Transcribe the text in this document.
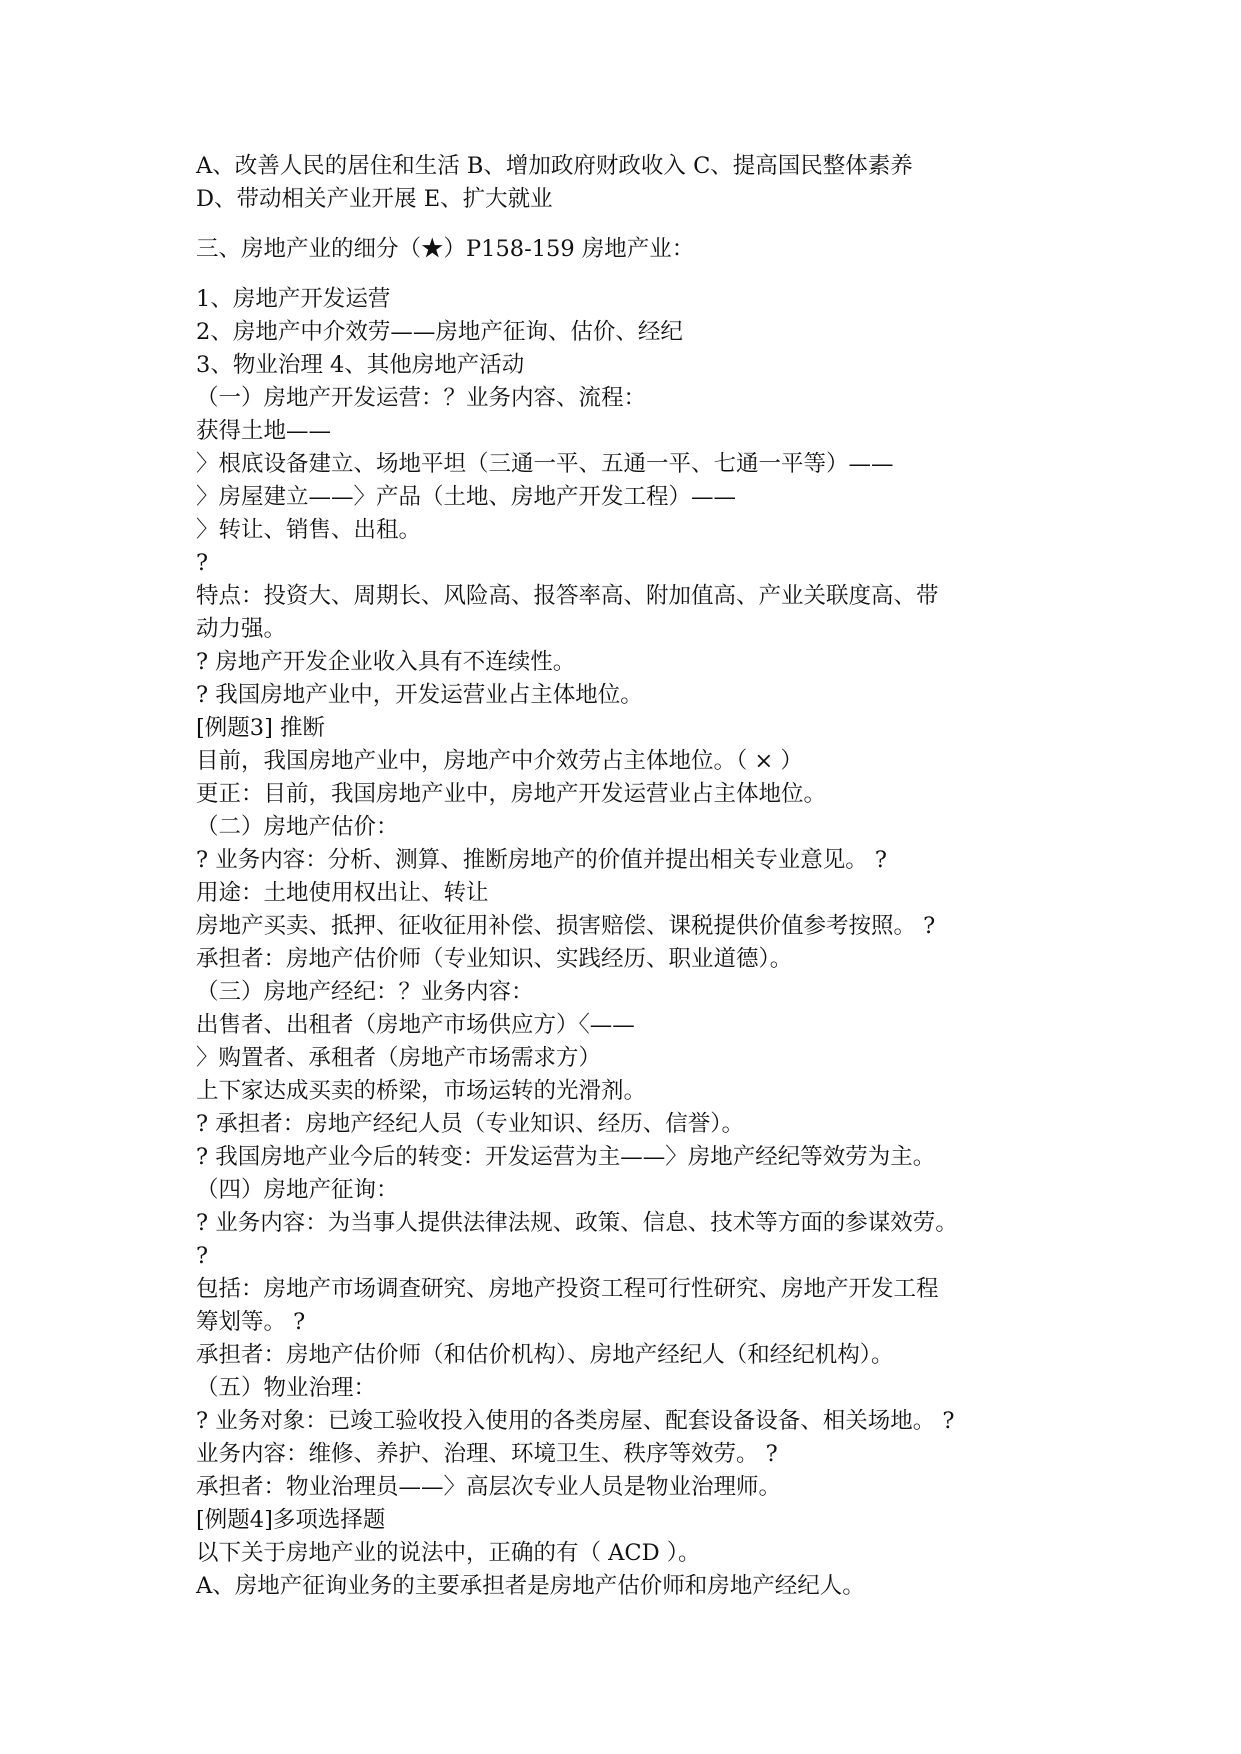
A、改善人民的居住和生活 B、增加政府财政收入 C、提高国民整体素养
D、带动相关产业开展 E、扩大就业
三、房地产业的细分（★）P158-159 房地产业：
1、房地产开发运营
2、房地产中介效劳——房地产征询、估价、经纪
3、物业治理 4、其他房地产活动
（一）房地产开发运营：？业务内容、流程：
获得土地——
〉根底设备建立、场地平坦（三通一平、五通一平、七通一平等）——
〉房屋建立——〉产品（土地、房地产开发工程）——
〉转让、销售、出租。
?
特点：投资大、周期长、风险高、报答率高、附加值高、产业关联度高、带
动力强。
? 房地产开发企业收入具有不连续性。
? 我国房地产业中，开发运营业占主体地位。
[例题3] 推断
目前，我国房地产业中，房地产中介效劳占主体地位。（ × ）
更正：目前，我国房地产业中，房地产开发运营业占主体地位。
（二）房地产估价：
? 业务内容：分析、测算、推断房地产的价值并提出相关专业意见。 ?
用途：土地使用权出让、转让
房地产买卖、抵押、征收征用补偿、损害赔偿、课税提供价值参考按照。 ?
承担者：房地产估价师（专业知识、实践经历、职业道德）。
（三）房地产经纪：？业务内容：
出售者、出租者（房地产市场供应方）〈——
〉购置者、承租者（房地产市场需求方）
上下家达成买卖的桥梁，市场运转的光滑剂。
? 承担者：房地产经纪人员（专业知识、经历、信誉）。
? 我国房地产业今后的转变：开发运营为主——〉房地产经纪等效劳为主。
（四）房地产征询：
? 业务内容：为当事人提供法律法规、政策、信息、技术等方面的参谋效劳。
?
包括：房地产市场调查研究、房地产投资工程可行性研究、房地产开发工程
筹划等。 ?
承担者：房地产估价师（和估价机构）、房地产经纪人（和经纪机构）。
（五）物业治理：
? 业务对象：已竣工验收投入使用的各类房屋、配套设备设备、相关场地。 ?
业务内容：维修、养护、治理、环境卫生、秩序等效劳。 ?
承担者：物业治理员——〉高层次专业人员是物业治理师。
[例题4]多项选择题
以下关于房地产业的说法中，正确的有（ ACD ）。
A、房地产征询业务的主要承担者是房地产估价师和房地产经纪人。
